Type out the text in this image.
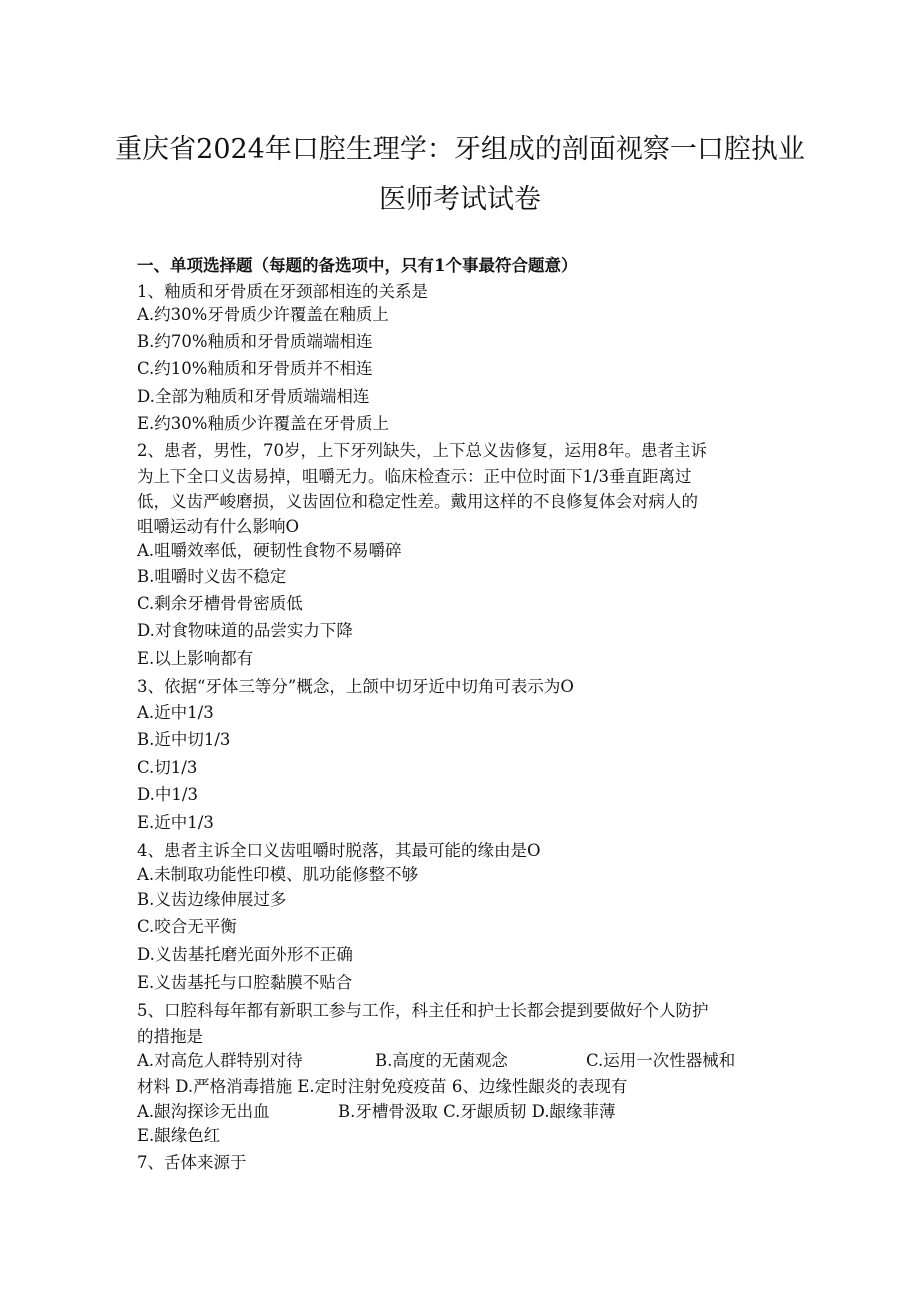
重庆省2024年口腔生理学：牙组成的剖面视察一口腔执业
医师考试试卷
一、单项选择题（每题的备选项中，只有1个事最符合题意）
1、釉质和牙骨质在牙颈部相连的关系是
A.约30%牙骨质少许覆盖在釉质上
B.约70%釉质和牙骨质端端相连
C.约10%釉质和牙骨质并不相连
D.全部为釉质和牙骨质端端相连
E.约30%釉质少许覆盖在牙骨质上
2、患者，男性，70岁，上下牙列缺失，上下总义齿修复，运用8年。患者主诉
为上下全口义齿易掉，咀嚼无力。临床检查示：正中位时面下1/3垂直距离过
低，义齿严峻磨损，义齿固位和稳定性差。戴用这样的不良修复体会对病人的
咀嚼运动有什么影响O
A.咀嚼效率低，硬韧性食物不易嚼碎
B.咀嚼时义齿不稳定
C.剩余牙槽骨骨密质低
D.对食物味道的品尝实力下降
E.以上影响都有
3、依据“牙体三等分”概念，上颌中切牙近中切角可表示为O
A.近中1/3
B.近中切1/3
C.切1/3
D.中1/3
E.近中1/3
4、患者主诉全口义齿咀嚼时脱落，其最可能的缘由是O
A.未制取功能性印模、肌功能修整不够
B.义齿边缘伸展过多
C.咬合无平衡
D.义齿基托磨光面外形不正确
E.义齿基托与口腔黏膜不贴合
5、口腔科每年都有新职工参与工作，科主任和护士长都会提到要做好个人防护
的措拖是
A.对高危人群特别对待	B.高度的无菌观念	C.运用一次性器械和
材料 D.严格消毒措施 E.定时注射免疫疫苗 6、边缘性龈炎的表现有
A.龈沟探诊无出血	B.牙槽骨汲取 C.牙龈质韧 D.龈缘菲薄
E.龈缘色红
7、舌体来源于
